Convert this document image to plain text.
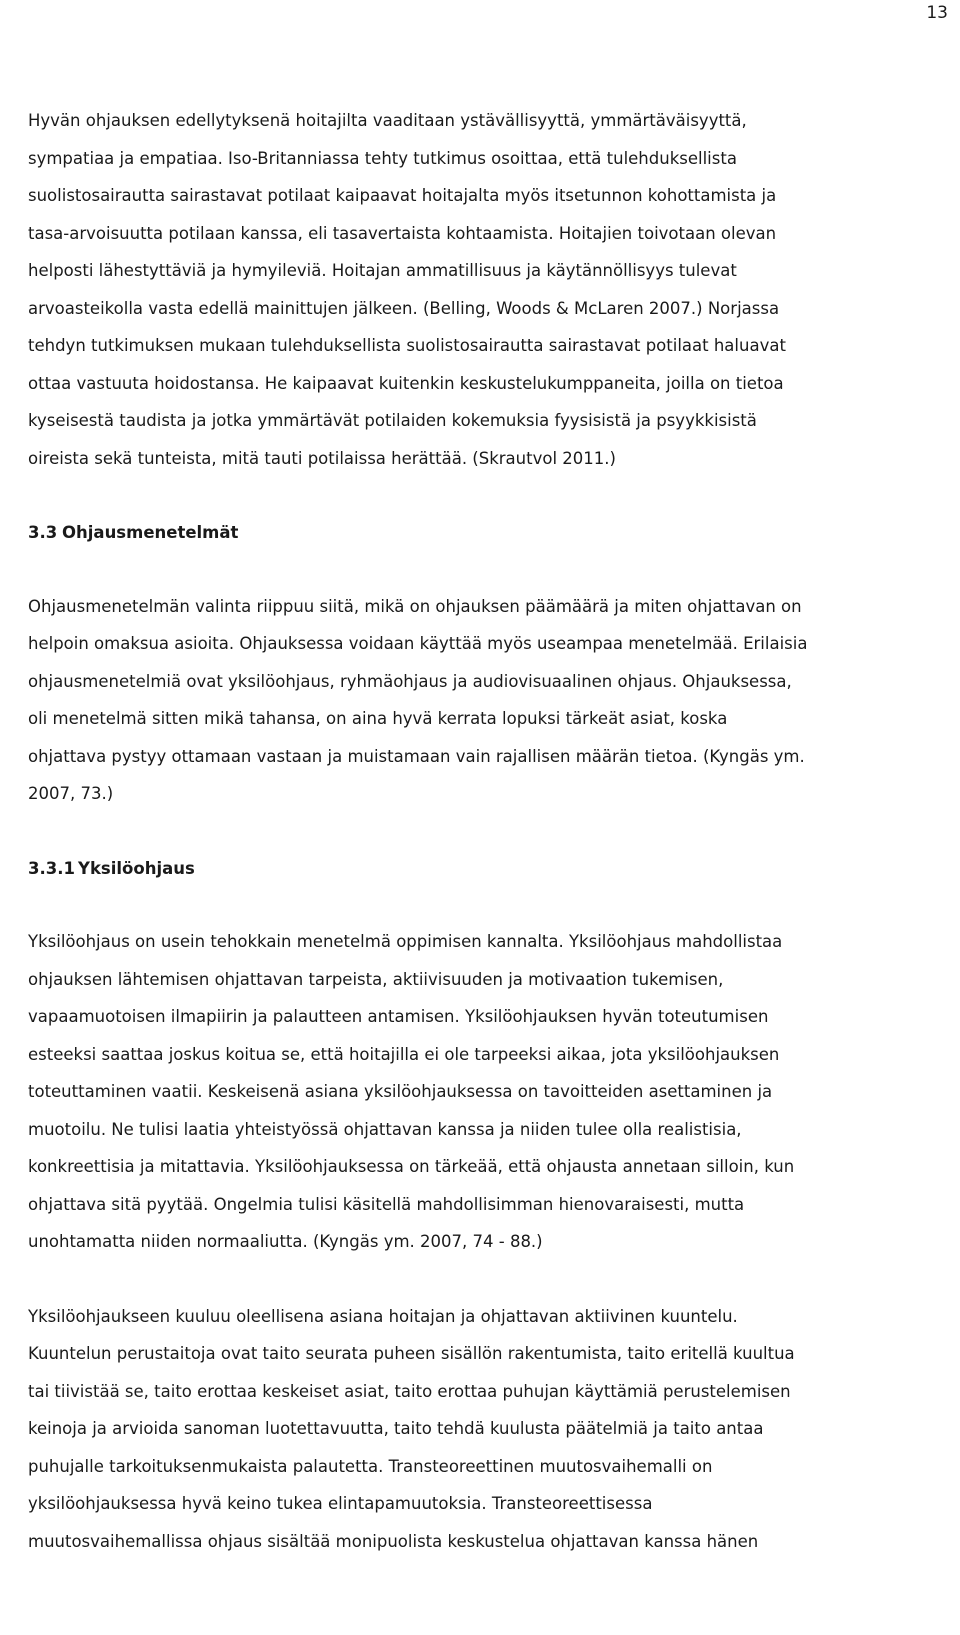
13

Hyvän ohjauksen edellytyksenä hoitajilta vaaditaan ystävällisyyttä, ymmärtäväisyyttä,
sympatiaa ja empatiaa. Iso-Britanniassa tehty tutkimus osoittaa, että tulehduksellista
suolistosairautta sairastavat potilaat kaipaavat hoitajalta myös itsetunnon kohottamista ja
tasa-arvoisuutta potilaan kanssa, eli tasavertaista kohtaamista. Hoitajien toivotaan olevan
helposti lähestyttäviä ja hymyileviä. Hoitajan ammatillisuus ja käytännöllisyys tulevat
arvoasteikolla vasta edellä mainittujen jälkeen. (Belling, Woods & McLaren 2007.) Norjassa
tehdyn tutkimuksen mukaan tulehduksellista suolistosairautta sairastavat potilaat haluavat
ottaa vastuuta hoidostansa. He kaipaavat kuitenkin keskustelukumppaneita, joilla on tietoa
kyseisestä taudista ja jotka ymmärtävät potilaiden kokemuksia fyysisistä ja psyykkisistä
oireista sekä tunteista, mitä tauti potilaissa herättää. (Skrautvol 2011.)

3.3 Ohjausmenetelmät

Ohjausmenetelmän valinta riippuu siitä, mikä on ohjauksen päämäärä ja miten ohjattavan on
helpoin omaksua asioita. Ohjauksessa voidaan käyttää myös useampaa menetelmää. Erilaisia
ohjausmenetelmiä ovat yksilöohjaus, ryhmäohjaus ja audiovisuaalinen ohjaus. Ohjauksessa,
oli menetelmä sitten mikä tahansa, on aina hyvä kerrata lopuksi tärkeät asiat, koska
ohjattava pystyy ottamaan vastaan ja muistamaan vain rajallisen määrän tietoa. (Kyngäs ym.
2007, 73.)

3.3.1 Yksilöohjaus

Yksilöohjaus on usein tehokkain menetelmä oppimisen kannalta. Yksilöohjaus mahdollistaa
ohjauksen lähtemisen ohjattavan tarpeista, aktiivisuuden ja motivaation tukemisen,
vapaamuotoisen ilmapiirin ja palautteen antamisen. Yksilöohjauksen hyvän toteutumisen
esteeksi saattaa joskus koitua se, että hoitajilla ei ole tarpeeksi aikaa, jota yksilöohjauksen
toteuttaminen vaatii. Keskeisenä asiana yksilöohjauksessa on tavoitteiden asettaminen ja
muotoilu. Ne tulisi laatia yhteistyössä ohjattavan kanssa ja niiden tulee olla realistisia,
konkreettisia ja mitattavia. Yksilöohjauksessa on tärkeää, että ohjausta annetaan silloin, kun
ohjattava sitä pyytää. Ongelmia tulisi käsitellä mahdollisimman hienovaraisesti, mutta
unohtamatta niiden normaaliutta. (Kyngäs ym. 2007, 74 - 88.)

Yksilöohjaukseen kuuluu oleellisena asiana hoitajan ja ohjattavan aktiivinen kuuntelu.
Kuuntelun perustaitoja ovat taito seurata puheen sisällön rakentumista, taito eritellä kuultua
tai tiivistää se, taito erottaa keskeiset asiat, taito erottaa puhujan käyttämiä perustelemisen
keinoja ja arvioida sanoman luotettavuutta, taito tehdä kuulusta päätelmiä ja taito antaa
puhujalle tarkoituksenmukaista palautetta. Transteoreettinen muutosvaihemalli on
yksilöohjauksessa hyvä keino tukea elintapamuutoksia. Transteoreettisessa
muutosvaihemallissa ohjaus sisältää monipuolista keskustelua ohjattavan kanssa hänen
